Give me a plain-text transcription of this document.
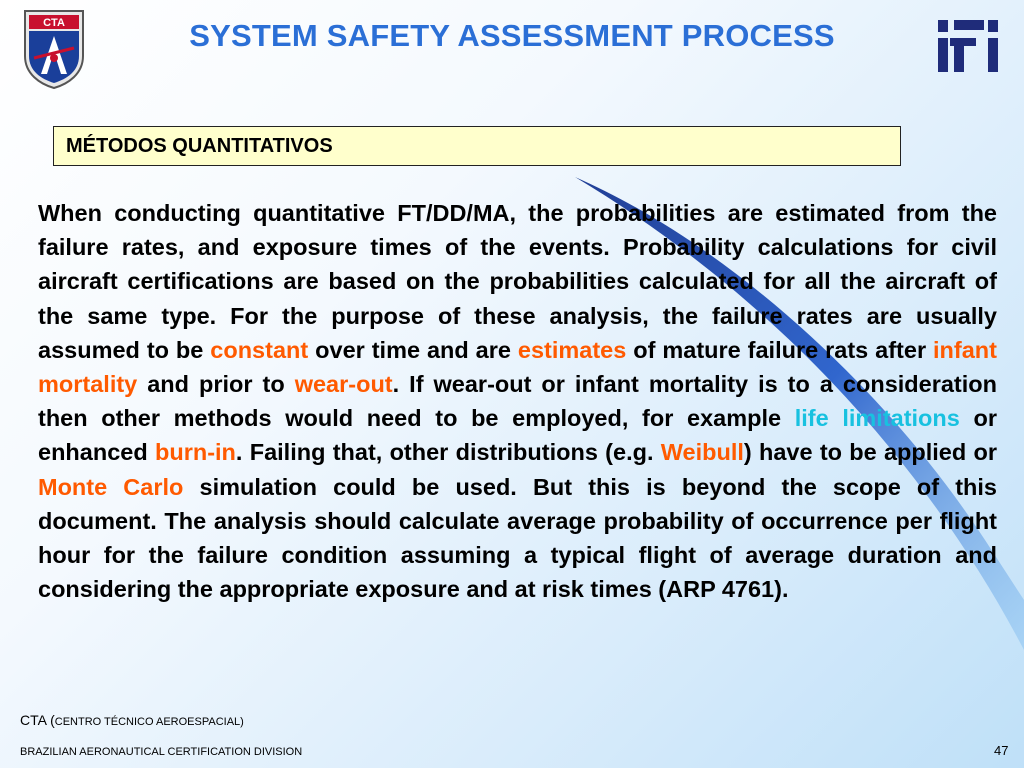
CTA	SYSTEM SAFETY ASSESSMENT PROCESS
MÉTODOS QUANTITATIVOS
When conducting quantitative FT/DD/MA, the probabilities are estimated from the failure rates, and exposure times of the events. Probability calculations for civil aircraft certifications are based on the probabilities calculated for all the aircraft of the same type. For the purpose of these analysis, the failure rates are usually assumed to be constant over time and are estimates of mature failure rats after infant mortality and prior to wear-out. If wear-out or infant mortality is to a consideration then other methods would need to be employed, for example life limitations or enhanced burn-in. Failing that, other distributions (e.g. Weibull) have to be applied or Monte Carlo simulation could be used. But this is beyond the scope of this document. The analysis should calculate average probability of occurrence per flight hour for the failure condition assuming a typical flight of average duration and considering the appropriate exposure and at risk times (ARP 4761).
CTA (CENTRO TÉCNICO AEROESPACIAL)
BRAZILIAN AERONAUTICAL CERTIFICATION DIVISION	47
